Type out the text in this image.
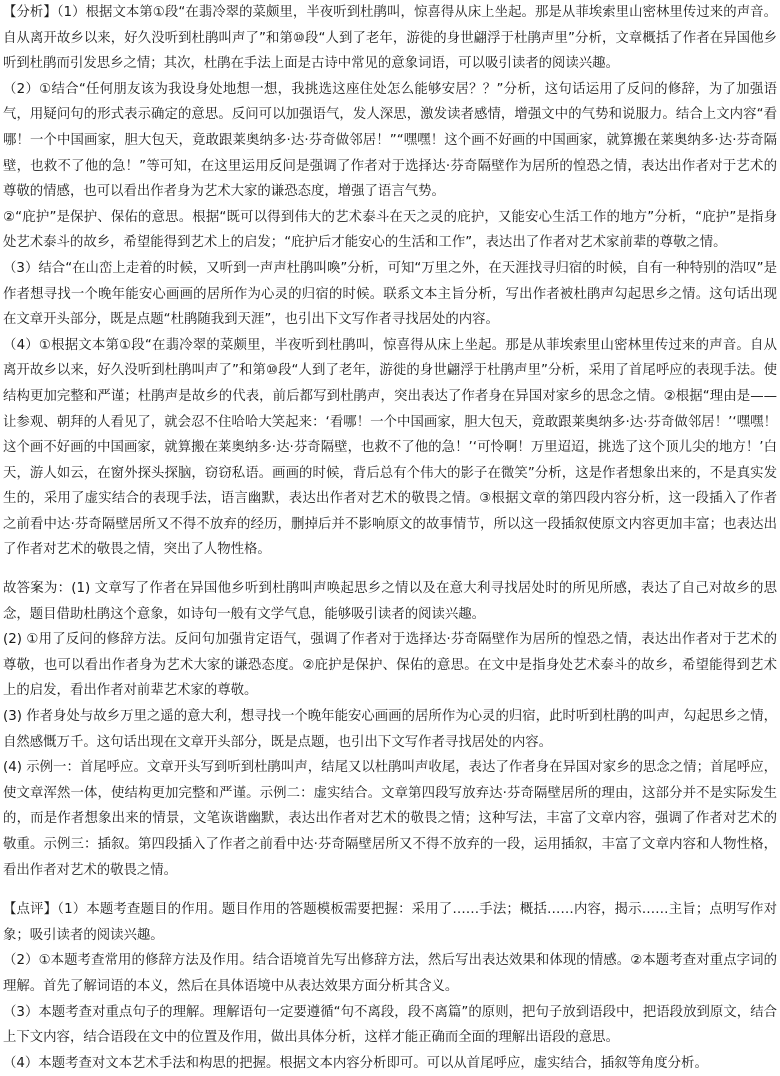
【分析】（1）根据文本第①段“在翡冷翠的菜颇里，半夜听到杜鹃叫，惊喜得从床上坐起。那是从菲埃索里山密林里传过来的声音。自从离开故乡以来，好久没听到杜鹃叫声了”和第⑩段“人到了老年，游徙的身世翩浮于杜鹃声里”分析，文章概括了作者在异国他乡听到杜鹃而引发思乡之情；其次，杜鹃在手法上面是古诗中常见的意象词语，可以吸引读者的阅读兴趣。

（2）①结合“任何朋友该为我设身处地想一想，我挑选这座住处怎么能够安居？？”分析，这句话运用了反问的修辞，为了加强语气，用疑问句的形式表示确定的意思。反问可以加强语气，发人深思，激发读者感情，增强文中的气势和说服力。结合上文内容“看哪！一个中国画家，胆大包天，竟敢跟莱奥纳多·达·芬奇做邻居！”“嘿嘿！这个画不好画的中国画家，就算搬在莱奥纳多·达·芬奇隔壁，也救不了他的急！”等可知，在这里运用反问是强调了作者对于选择达·芬奇隔壁作为居所的惶恐之情，表达出作者对于艺术的尊敬的情感，也可以看出作者身为艺术大家的谦恐态度，增强了语言气势。

②“庇护”是保护、保佑的意思。根据“既可以得到伟大的艺术泰斗在天之灵的庇护，又能安心生活工作的地方”分析，“庇护”是指身处艺术泰斗的故乡，希望能得到艺术上的启发；“庇护后才能安心的生活和工作”，表达出了作者对艺术家前辈的尊敬之情。

（3）结合“在山峦上走着的时候，又听到一声声杜鹃叫喚”分析，可知“万里之外，在天涯找寻归宿的时候，自有一种特别的浩叹”是作者想寻找一个晚年能安心画画的居所作为心灵的归宿的时候。联系文本主旨分析，写出作者被杜鹃声勾起思乡之情。这句话出现在文章开头部分，既是点题“杜鹃随我到天涯”，也引出下文写作者寻找居处的内容。

（4）①根据文本第①段“在翡冷翠的菜颇里，半夜听到杜鹃叫，惊喜得从床上坐起。那是从菲埃索里山密林里传过来的声音。自从离开故乡以来，好久没听到杜鹃叫声了”和第⑩段“人到了老年，游徙的身世翩浮于杜鹃声里”分析，采用了首尾呼应的表现手法。使结构更加完整和严谨；杜鹃声是故乡的代表，前后都写到杜鹃声，突出表达了作者身在异国对家乡的思念之情。②根据“理由是——让参观、朝拜的人看见了，就会忍不住哈哈大笑起来：‘看哪！一个中国画家，胆大包天，竟敢跟莱奥纳多·达·芬奇做邻居！’‘嘿嘿！这个画不好画的中国画家，就算搬在莱奥纳多·达·芬奇隔壁，也救不了他的急！’‘可怜啊！万里迢迢，挑选了这个顶儿尖的地方！’白天，游人如云，在窗外探头探脑，窃窃私语。画画的时候，背后总有个伟大的影子在微笑”分析，这是作者想象出来的，不是真实发生的，采用了虚实结合的表现手法，语言幽默，表达出作者对艺术的敬畏之情。③根据文章的第四段内容分析，这一段插入了作者之前看中达·芬奇隔壁居所又不得不放弃的经历，删掉后并不影响原文的故事情节，所以这一段插叙使原文内容更加丰富；也表达出了作者对艺术的敬畏之情，突出了人物性格。

故答案为：(1) 文章写了作者在异国他乡听到杜鹃叫声唤起思乡之情以及在意大利寻找居处时的所见所感，表达了自己对故乡的思念，题目借助杜鹃这个意象，如诗句一般有文学气息，能够吸引读者的阅读兴趣。

(2) ①用了反问的修辞方法。反问句加强肯定语气，强调了作者对于选择达·芬奇隔壁作为居所的惶恐之情，表达出作者对于艺术的尊敬，也可以看出作者身为艺术大家的谦恐态度。②庇护是保护、保佑的意思。在文中是指身处艺术泰斗的故乡，希望能得到艺术上的启发，看出作者对前辈艺术家的尊敬。

(3) 作者身处与故乡万里之遥的意大利，想寻找一个晚年能安心画画的居所作为心灵的归宿，此时听到杜鹃的叫声，勾起思乡之情，自然感慨万千。这句话出现在文章开头部分，既是点题，也引出下文写作者寻找居处的内容。

(4) 示例一：首尾呼应。文章开头写到听到杜鹃叫声，结尾又以杜鹃叫声收尾，表达了作者身在异国对家乡的思念之情；首尾呼应，使文章浑然一体，使结构更加完整和严谨。示例二：虚实结合。文章第四段写放弃达·芬奇隔壁居所的理由，这部分并不是实际发生的，而是作者想象出来的情景，文笔诙谐幽默，表达出作者对艺术的敬畏之情；这种写法，丰富了文章内容，强调了作者对艺术的敬重。示例三：插叙。第四段插入了作者之前看中达·芬奇隔壁居所又不得不放弃的一段，运用插叙，丰富了文章内容和人物性格，看出作者对艺术的敬畏之情。

【点评】（1）本题考查题目的作用。题目作用的答题模板需要把握：采用了……手法；概括……内容，揭示……主旨；点明写作对象；吸引读者的阅读兴趣。

（2）①本题考查常用的修辞方法及作用。结合语境首先写出修辞方法，然后写出表达效果和体现的情感。②本题考查对重点字词的理解。首先了解词语的本义，然后在具体语境中从表达效果方面分析其含义。

（3）本题考查对重点句子的理解。理解语句一定要遵循“句不离段，段不离篇”的原则，把句子放到语段中，把语段放到原文，结合上下文内容，结合语段在文中的位置及作用，做出具体分析，这样才能正确而全面的理解出语段的意思。

（4）本题考查对文本艺术手法和构思的把握。根据文本内容分析即可。可以从首尾呼应，虚实结合，插叙等角度分析。
